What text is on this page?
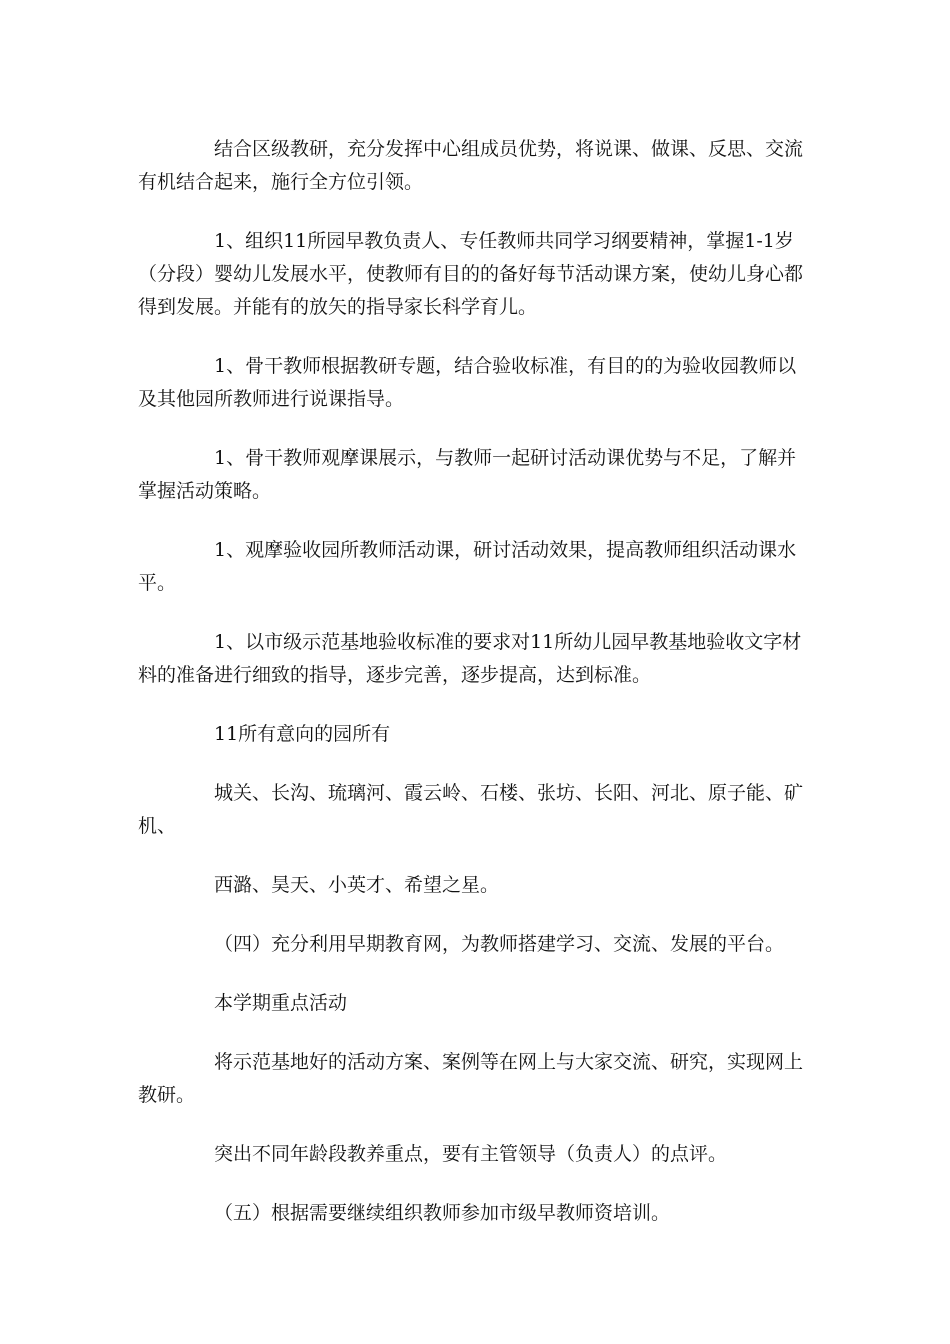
结合区级教研，充分发挥中心组成员优势，将说课、做课、反思、交流有机结合起来，施行全方位引领。

1、组织11所园早教负责人、专任教师共同学习纲要精神，掌握1-1岁（分段）婴幼儿发展水平，使教师有目的的备好每节活动课方案，使幼儿身心都得到发展。并能有的放矢的指导家长科学育儿。

1、骨干教师根据教研专题，结合验收标准，有目的的为验收园教师以及其他园所教师进行说课指导。

1、骨干教师观摩课展示，与教师一起研讨活动课优势与不足，了解并掌握活动策略。

1、观摩验收园所教师活动课，研讨活动效果，提高教师组织活动课水平。

1、以市级示范基地验收标准的要求对11所幼儿园早教基地验收文字材料的准备进行细致的指导，逐步完善，逐步提高，达到标准。

11所有意向的园所有

城关、长沟、琉璃河、霞云岭、石楼、张坊、长阳、河北、原子能、矿机、

西潞、昊天、小英才、希望之星。

（四）充分利用早期教育网，为教师搭建学习、交流、发展的平台。

本学期重点活动

将示范基地好的活动方案、案例等在网上与大家交流、研究，实现网上教研。

突出不同年龄段教养重点，要有主管领导（负责人）的点评。

（五）根据需要继续组织教师参加市级早教师资培训。
